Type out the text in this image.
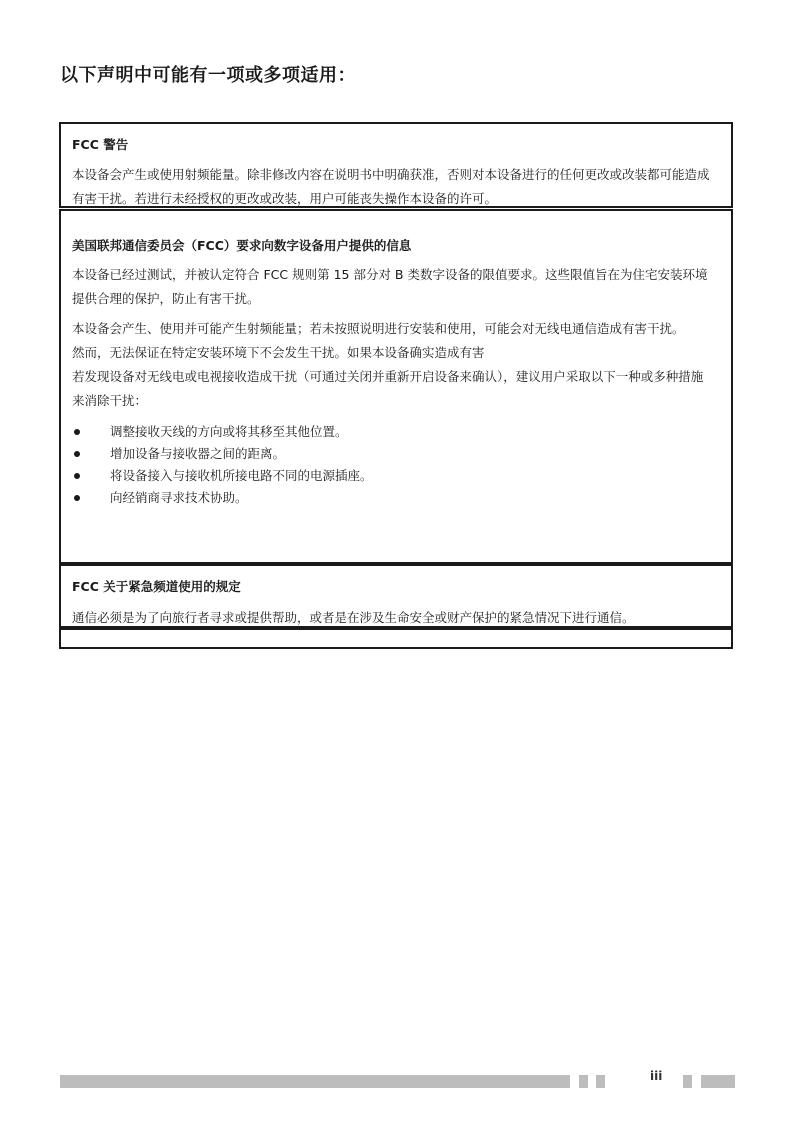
以下声明中可能有一项或多项适用：

FCC 警告

本设备会产生或使用射频能量。除非修改内容在说明书中明确获准，否则对本设备进行的任何更改或改装都可能造成有害干扰。若进行未经授权的更改或改装，用户可能丧失操作本设备的许可。

美国联邦通信委员会（FCC）要求向数字设备用户提供的信息

本设备已经过测试，并被认定符合 FCC 规则第 15 部分对 B 类数字设备的限值要求。这些限值旨在为住宅安装环境提供合理的保护，防止有害干扰。

本设备会产生、使用并可能产生射频能量；若未按照说明进行安装和使用，可能会对无线电通信造成有害干扰。

然而，无法保证在特定安装环境下不会发生干扰。如果本设备确实造成有害

若发现设备对无线电或电视接收造成干扰（可通过关闭并重新开启设备来确认），建议用户采取以下一种或多种措施来消除干扰：

调整接收天线的方向或将其移至其他位置。
增加设备与接收器之间的距离。
将设备接入与接收机所接电路不同的电源插座。
向经销商寻求技术协助。

FCC 关于紧急频道使用的规定

通信必须是为了向旅行者寻求或提供帮助，或者是在涉及生命安全或财产保护的紧急情况下进行通信。

iii
